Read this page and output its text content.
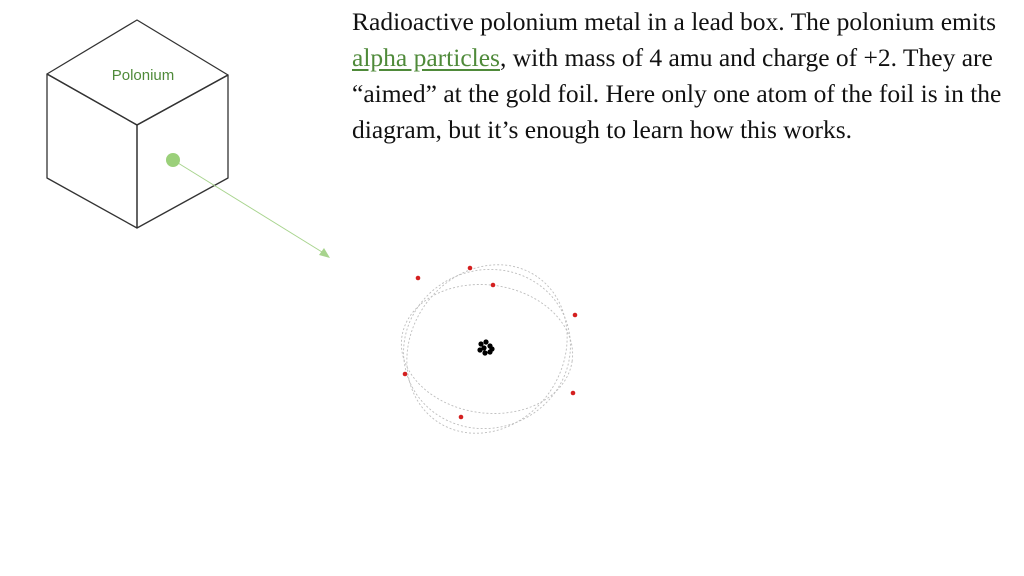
Polonium
Radioactive polonium metal in a lead box. The polonium emits alpha particles, with mass of 4 amu and charge of +2. They are “aimed” at the gold foil. Here only one atom of the foil is in the diagram, but it’s enough to learn how this works.
